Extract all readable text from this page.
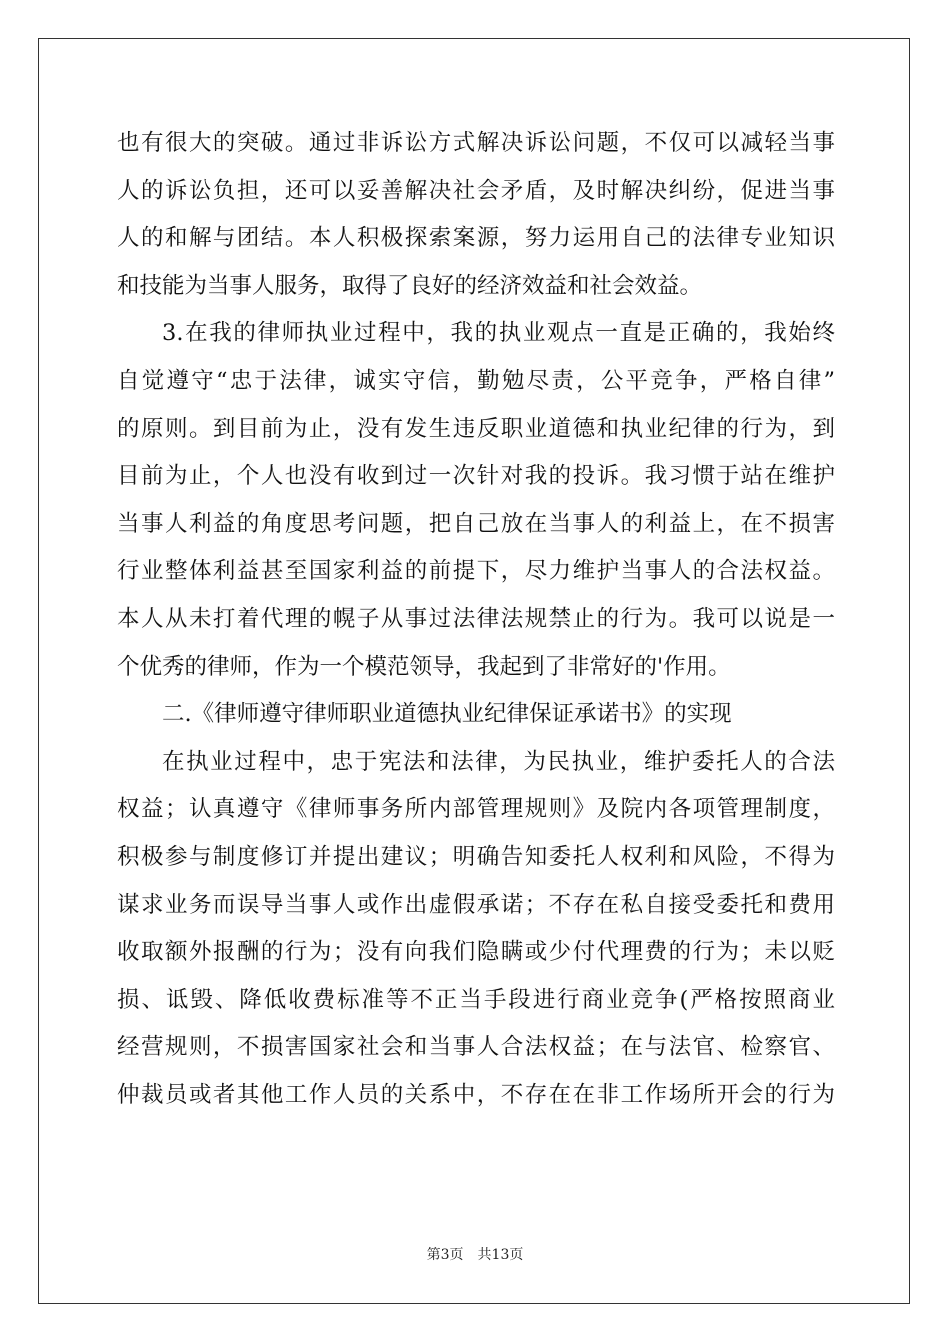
也有很大的突破。通过非诉讼方式解决诉讼问题，不仅可以减轻当事
人的诉讼负担，还可以妥善解决社会矛盾，及时解决纠纷，促进当事
人的和解与团结。本人积极探索案源，努力运用自己的法律专业知识
和技能为当事人服务，取得了良好的经济效益和社会效益。
3.在我的律师执业过程中，我的执业观点一直是正确的，我始终
自觉遵守“忠于法律，诚实守信，勤勉尽责，公平竞争，严格自律”
的原则。到目前为止，没有发生违反职业道德和执业纪律的行为，到
目前为止，个人也没有收到过一次针对我的投诉。我习惯于站在维护
当事人利益的角度思考问题，把自己放在当事人的利益上，在不损害
行业整体利益甚至国家利益的前提下，尽力维护当事人的合法权益。
本人从未打着代理的幌子从事过法律法规禁止的行为。我可以说是一
个优秀的律师，作为一个模范领导，我起到了非常好的'作用。
二.《律师遵守律师职业道德执业纪律保证承诺书》的实现
在执业过程中，忠于宪法和法律，为民执业，维护委托人的合法
权益；认真遵守《律师事务所内部管理规则》及院内各项管理制度，
积极参与制度修订并提出建议；明确告知委托人权利和风险，不得为
谋求业务而误导当事人或作出虚假承诺；不存在私自接受委托和费用
收取额外报酬的行为；没有向我们隐瞒或少付代理费的行为；未以贬
损、诋毁、降低收费标准等不正当手段进行商业竞争(严格按照商业
经营规则，不损害国家社会和当事人合法权益；在与法官、检察官、
仲裁员或者其他工作人员的关系中，不存在在非工作场所开会的行为
第3页　共13页
